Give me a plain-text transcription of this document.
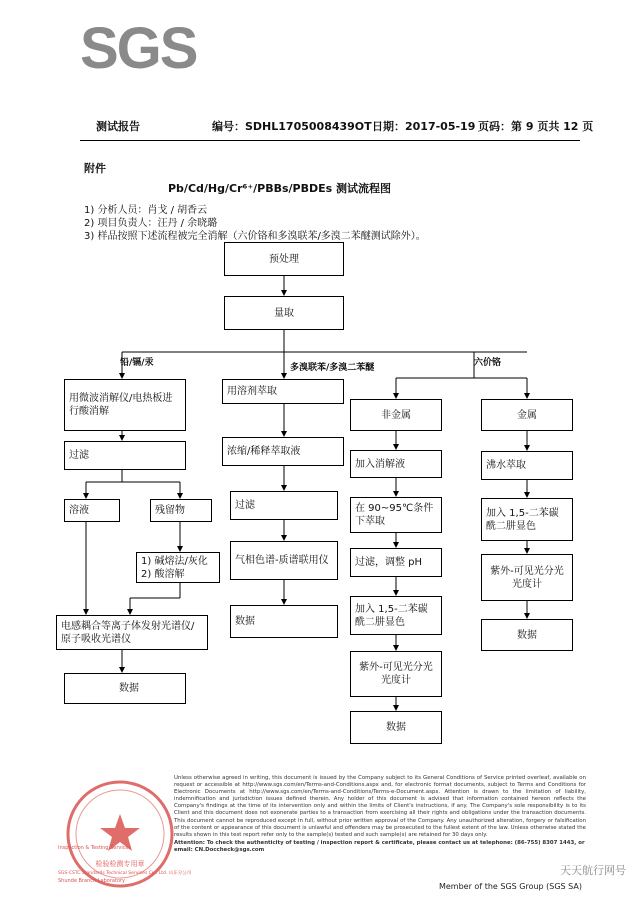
SGS
测试报告	编号：SDHL1705008439OT 日期：2017-05-19 页码：第 9 页共 12 页
附件
Pb/Cd/Hg/Cr⁶⁺/PBBs/PBDEs 测试流程图
1) 分析人员：肖戈 / 胡香云
2) 项目负责人：汪丹 / 余晓璐
3) 样品按照下述流程被完全消解（六价铬和多溴联苯/多溴二苯醚测试除外）。
预处理
量取
铅/镉/汞	多溴联苯/多溴二苯醚	六价铬
用微波消解仪/电热板进行酸消解
过滤
溶液	残留物
1) 碱熔法/灰化
2) 酸溶解
电感耦合等离子体发射光谱仪/原子吸收光谱仪
数据
用溶剂萃取
浓缩/稀释萃取液
过滤
气相色谱-质谱联用仪
数据
非金属
加入消解液
在 90~95℃条件下萃取
过滤，调整 pH
加入 1,5-二苯碳酰二肼显色
紫外-可见光分光光度计
数据
金属
沸水萃取
加入 1,5-二苯碳酰二肼显色
紫外-可见光分光光度计
数据
检验检测专用章
Inspection & Testing Services
Shunde Branch Laboratory
SGS-CSTC Standards Technical Services Co., Ltd. 山东分公司
Unless otherwise agreed in writing, this document is issued by the Company subject to its General Conditions of Service printed overleaf, available on request or accessible at http://www.sgs.com/en/Terms-and-Conditions.aspx and, for electronic format documents, subject to Terms and Conditions for Electronic Documents at http://www.sgs.com/en/Terms-and-Conditions/Terms-e-Document.aspx. Attention is drawn to the limitation of liability, indemnification and jurisdiction issues defined therein. Any holder of this document is advised that information contained hereon reflects the Company's findings at the time of its intervention only and within the limits of Client's instructions, if any. The Company's sole responsibility is to its Client and this document does not exonerate parties to a transaction from exercising all their rights and obligations under the transaction documents. This document cannot be reproduced except in full, without prior written approval of the Company. Any unauthorized alteration, forgery or falsification of the content or appearance of this document is unlawful and offenders may be prosecuted to the fullest extent of the law. Unless otherwise stated the results shown in this test report refer only to the sample(s) tested and such sample(s) are retained for 30 days only.
Attention: To check the authenticity of testing / inspection report & certificate, please contact us at telephone: (86-755) 8307 1443, or email: CN.Doccheck@sgs.com
Member of the SGS Group (SGS SA)
天天航行网号
